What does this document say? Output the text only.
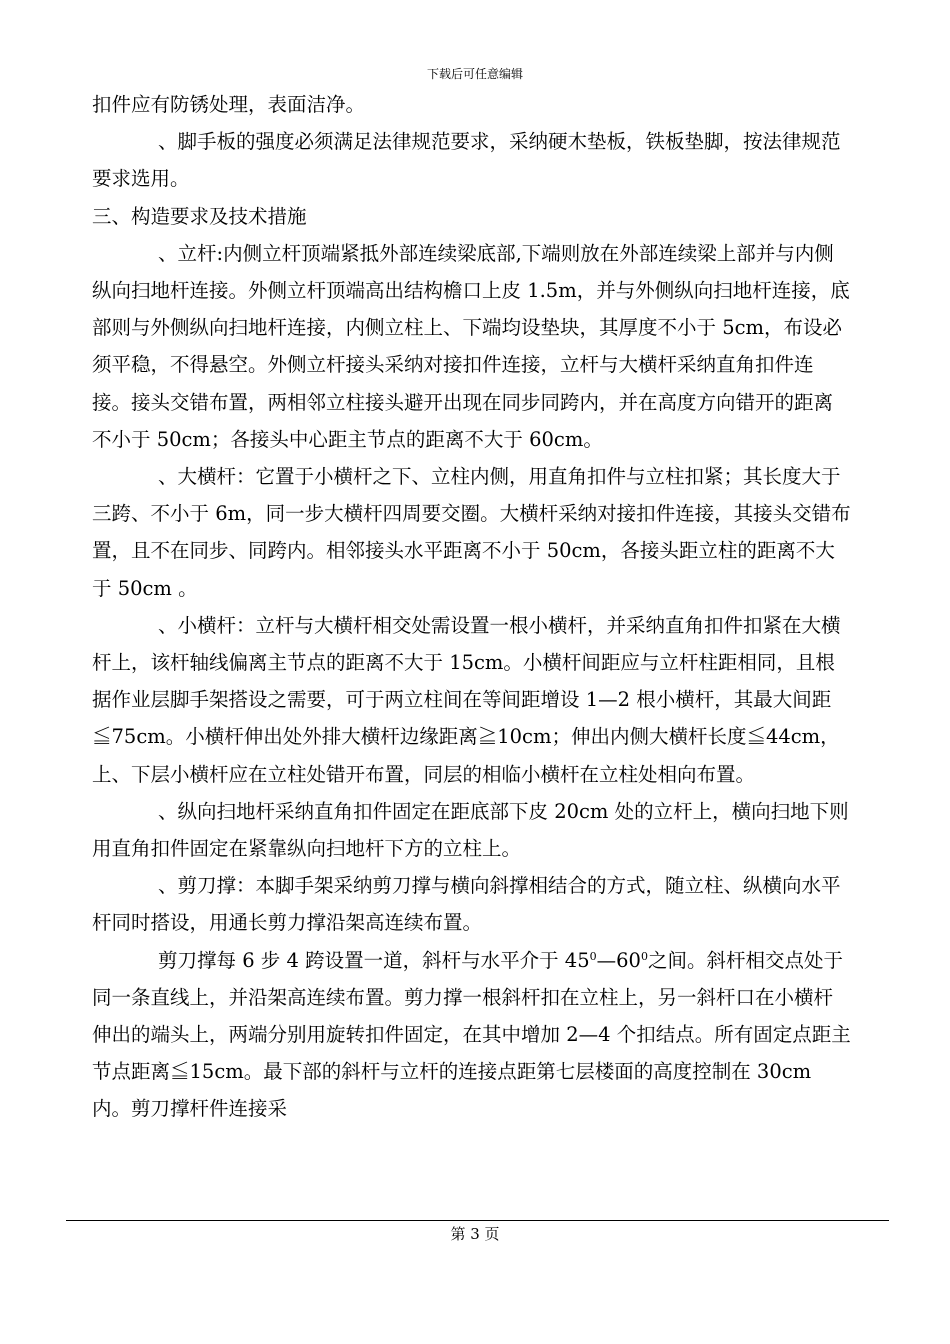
下载后可任意编辑

扣件应有防锈处理，表面洁净。

、脚手板的强度必须满足法律规范要求，采纳硬木垫板，铁板垫脚，按法律规范要求选用。

三、构造要求及技术措施

、立杆:内侧立杆顶端紧抵外部连续梁底部,下端则放在外部连续梁上部并与内侧纵向扫地杆连接。外侧立杆顶端高出结构檐口上皮 1.5m，并与外侧纵向扫地杆连接，底部则与外侧纵向扫地杆连接，内侧立柱上、下端均设垫块，其厚度不小于 5cm，布设必须平稳，不得悬空。外侧立杆接头采纳对接扣件连接，立杆与大横杆采纳直角扣件连接。接头交错布置，两相邻立柱接头避开出现在同步同跨内，并在高度方向错开的距离不小于 50cm；各接头中心距主节点的距离不大于 60cm。

、大横杆：它置于小横杆之下、立柱内侧，用直角扣件与立柱扣紧；其长度大于三跨、不小于 6m，同一步大横杆四周要交圈。大横杆采纳对接扣件连接，其接头交错布置，且不在同步、同跨内。相邻接头水平距离不小于 50cm，各接头距立柱的距离不大于 50cm 。

、小横杆：立杆与大横杆相交处需设置一根小横杆，并采纳直角扣件扣紧在大横杆上，该杆轴线偏离主节点的距离不大于 15cm。小横杆间距应与立杆柱距相同，且根据作业层脚手架搭设之需要，可于两立柱间在等间距增设 1—2 根小横杆，其最大间距≦75cm。小横杆伸出处外排大横杆边缘距离≧10cm；伸出内侧大横杆长度≦44cm，上、下层小横杆应在立柱处错开布置，同层的相临小横杆在立柱处相向布置。

、纵向扫地杆采纳直角扣件固定在距底部下皮 20cm 处的立杆上，横向扫地下则用直角扣件固定在紧靠纵向扫地杆下方的立柱上。

、剪刀撑：本脚手架采纳剪刀撑与横向斜撑相结合的方式，随立柱、纵横向水平杆同时搭设，用通长剪力撑沿架高连续布置。

剪刀撑每 6 步 4 跨设置一道，斜杆与水平介于 $45^0—60^0$之间。斜杆相交点处于同一条直线上，并沿架高连续布置。剪力撑一根斜杆扣在立柱上，另一斜杆口在小横杆伸出的端头上，两端分别用旋转扣件固定，在其中增加 2—4 个扣结点。所有固定点距主节点距离≦15cm。最下部的斜杆与立杆的连接点距第七层楼面的高度控制在 30cm 内。剪刀撑杆件连接采

第 3 页
